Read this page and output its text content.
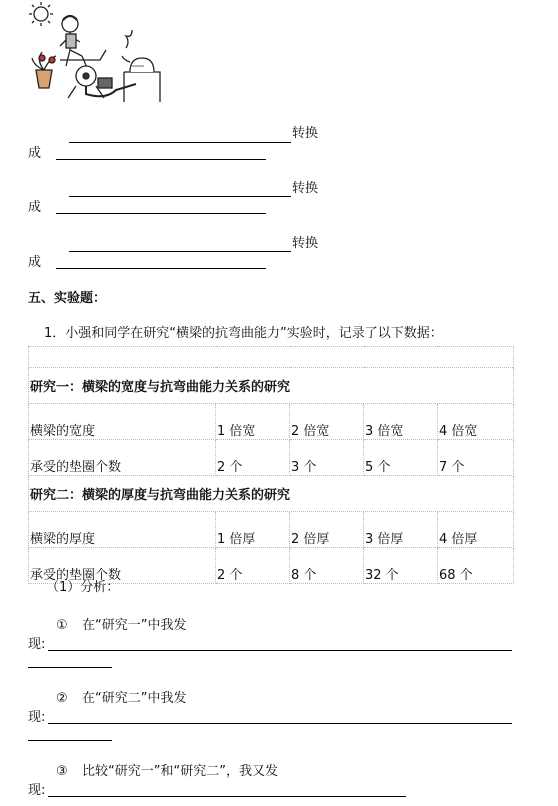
转换
成
转换
成
转换
成
五、实验题：
1．小强和同学在研究“横梁的抗弯曲能力”实验时，记录了以下数据：

研究一：横梁的宽度与抗弯曲能力关系的研究				
横梁的宽度	1 倍宽	2 倍宽	3 倍宽	4 倍宽
承受的垫圈个数	2 个	3 个	5 个	7 个
研究二：横梁的厚度与抗弯曲能力关系的研究				
横梁的厚度	1 倍厚	2 倍厚	3 倍厚	4 倍厚
承受的垫圈个数	2 个	8 个	32 个	68 个
（1）分析：
① 在“研究一”中我发
现:
② 在“研究二”中我发
现:
③ 比较“研究一”和“研究二”，我又发
现:
